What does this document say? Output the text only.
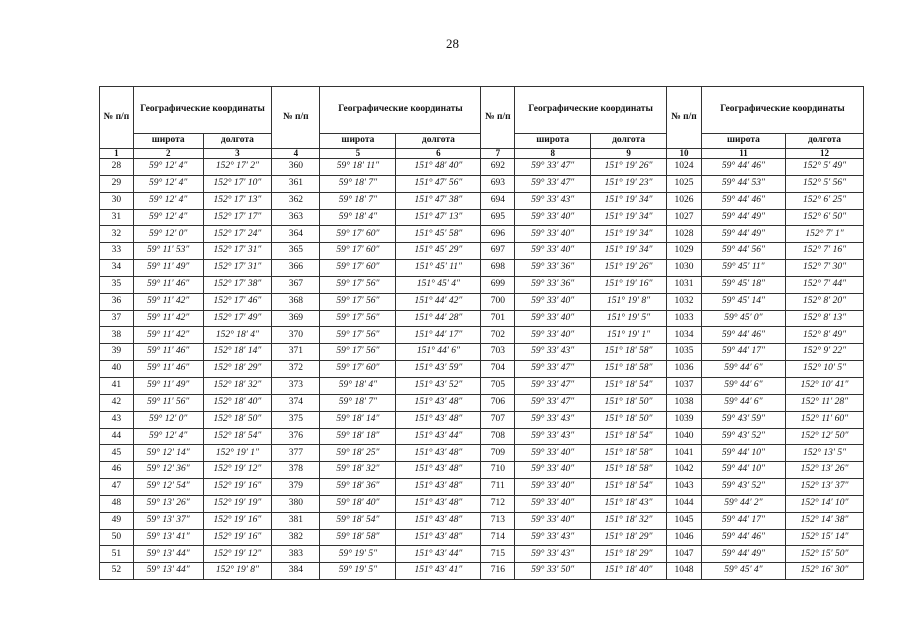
28
№ п/п	Географические координаты		№ п/п	Географические координаты		№ п/п	Географические координаты		№ п/п	Географические координаты	
	широта	долгота		широта	долгота		широта	долгота		широта	долгота
1	2	3	4	5	6	7	8	9	10	11	12
28	59° 12′ 4″	152° 17′ 2″	360	59° 18′ 11″	151° 48′ 40″	692	59° 33′ 47″	151° 19′ 26″	1024	59° 44′ 46″	152° 5′ 49″
29	59° 12′ 4″	152° 17′ 10″	361	59° 18′ 7″	151° 47′ 56″	693	59° 33′ 47″	151° 19′ 23″	1025	59° 44′ 53″	152° 5′ 56″
30	59° 12′ 4″	152° 17′ 13″	362	59° 18′ 7″	151° 47′ 38″	694	59° 33′ 43″	151° 19′ 34″	1026	59° 44′ 46″	152° 6′ 25″
31	59° 12′ 4″	152° 17′ 17″	363	59° 18′ 4″	151° 47′ 13″	695	59° 33′ 40″	151° 19′ 34″	1027	59° 44′ 49″	152° 6′ 50″
32	59° 12′ 0″	152° 17′ 24″	364	59° 17′ 60″	151° 45′ 58″	696	59° 33′ 40″	151° 19′ 34″	1028	59° 44′ 49″	152° 7′ 1″
33	59° 11′ 53″	152° 17′ 31″	365	59° 17′ 60″	151° 45′ 29″	697	59° 33′ 40″	151° 19′ 34″	1029	59° 44′ 56″	152° 7′ 16″
34	59° 11′ 49″	152° 17′ 31″	366	59° 17′ 60″	151° 45′ 11″	698	59° 33′ 36″	151° 19′ 26″	1030	59° 45′ 11″	152° 7′ 30″
35	59° 11′ 46″	152° 17′ 38″	367	59° 17′ 56″	151° 45′ 4″	699	59° 33′ 36″	151° 19′ 16″	1031	59° 45′ 18″	152° 7′ 44″
36	59° 11′ 42″	152° 17′ 46″	368	59° 17′ 56″	151° 44′ 42″	700	59° 33′ 40″	151° 19′ 8″	1032	59° 45′ 14″	152° 8′ 20″
37	59° 11′ 42″	152° 17′ 49″	369	59° 17′ 56″	151° 44′ 28″	701	59° 33′ 40″	151° 19′ 5″	1033	59° 45′ 0″	152° 8′ 13″
38	59° 11′ 42″	152° 18′ 4″	370	59° 17′ 56″	151° 44′ 17″	702	59° 33′ 40″	151° 19′ 1″	1034	59° 44′ 46″	152° 8′ 49″
39	59° 11′ 46″	152° 18′ 14″	371	59° 17′ 56″	151° 44′ 6″	703	59° 33′ 43″	151° 18′ 58″	1035	59° 44′ 17″	152° 9′ 22″
40	59° 11′ 46″	152° 18′ 29″	372	59° 17′ 60″	151° 43′ 59″	704	59° 33′ 47″	151° 18′ 58″	1036	59° 44′ 6″	152° 10′ 5″
41	59° 11′ 49″	152° 18′ 32″	373	59° 18′ 4″	151° 43′ 52″	705	59° 33′ 47″	151° 18′ 54″	1037	59° 44′ 6″	152° 10′ 41″
42	59° 11′ 56″	152° 18′ 40″	374	59° 18′ 7″	151° 43′ 48″	706	59° 33′ 47″	151° 18′ 50″	1038	59° 44′ 6″	152° 11′ 28″
43	59° 12′ 0″	152° 18′ 50″	375	59° 18′ 14″	151° 43′ 48″	707	59° 33′ 43″	151° 18′ 50″	1039	59° 43′ 59″	152° 11′ 60″
44	59° 12′ 4″	152° 18′ 54″	376	59° 18′ 18″	151° 43′ 44″	708	59° 33′ 43″	151° 18′ 54″	1040	59° 43′ 52″	152° 12′ 50″
45	59° 12′ 14″	152° 19′ 1″	377	59° 18′ 25″	151° 43′ 48″	709	59° 33′ 40″	151° 18′ 58″	1041	59° 44′ 10″	152° 13′ 5″
46	59° 12′ 36″	152° 19′ 12″	378	59° 18′ 32″	151° 43′ 48″	710	59° 33′ 40″	151° 18′ 58″	1042	59° 44′ 10″	152° 13′ 26″
47	59° 12′ 54″	152° 19′ 16″	379	59° 18′ 36″	151° 43′ 48″	711	59° 33′ 40″	151° 18′ 54″	1043	59° 43′ 52″	152° 13′ 37″
48	59° 13′ 26″	152° 19′ 19″	380	59° 18′ 40″	151° 43′ 48″	712	59° 33′ 40″	151° 18′ 43″	1044	59° 44′ 2″	152° 14′ 10″
49	59° 13′ 37″	152° 19′ 16″	381	59° 18′ 54″	151° 43′ 48″	713	59° 33′ 40″	151° 18′ 32″	1045	59° 44′ 17″	152° 14′ 38″
50	59° 13′ 41″	152° 19′ 16″	382	59° 18′ 58″	151° 43′ 48″	714	59° 33′ 43″	151° 18′ 29″	1046	59° 44′ 46″	152° 15′ 14″
51	59° 13′ 44″	152° 19′ 12″	383	59° 19′ 5″	151° 43′ 44″	715	59° 33′ 43″	151° 18′ 29″	1047	59° 44′ 49″	152° 15′ 50″
52	59° 13′ 44″	152° 19′ 8″	384	59° 19′ 5″	151° 43′ 41″	716	59° 33′ 50″	151° 18′ 40″	1048	59° 45′ 4″	152° 16′ 30″
